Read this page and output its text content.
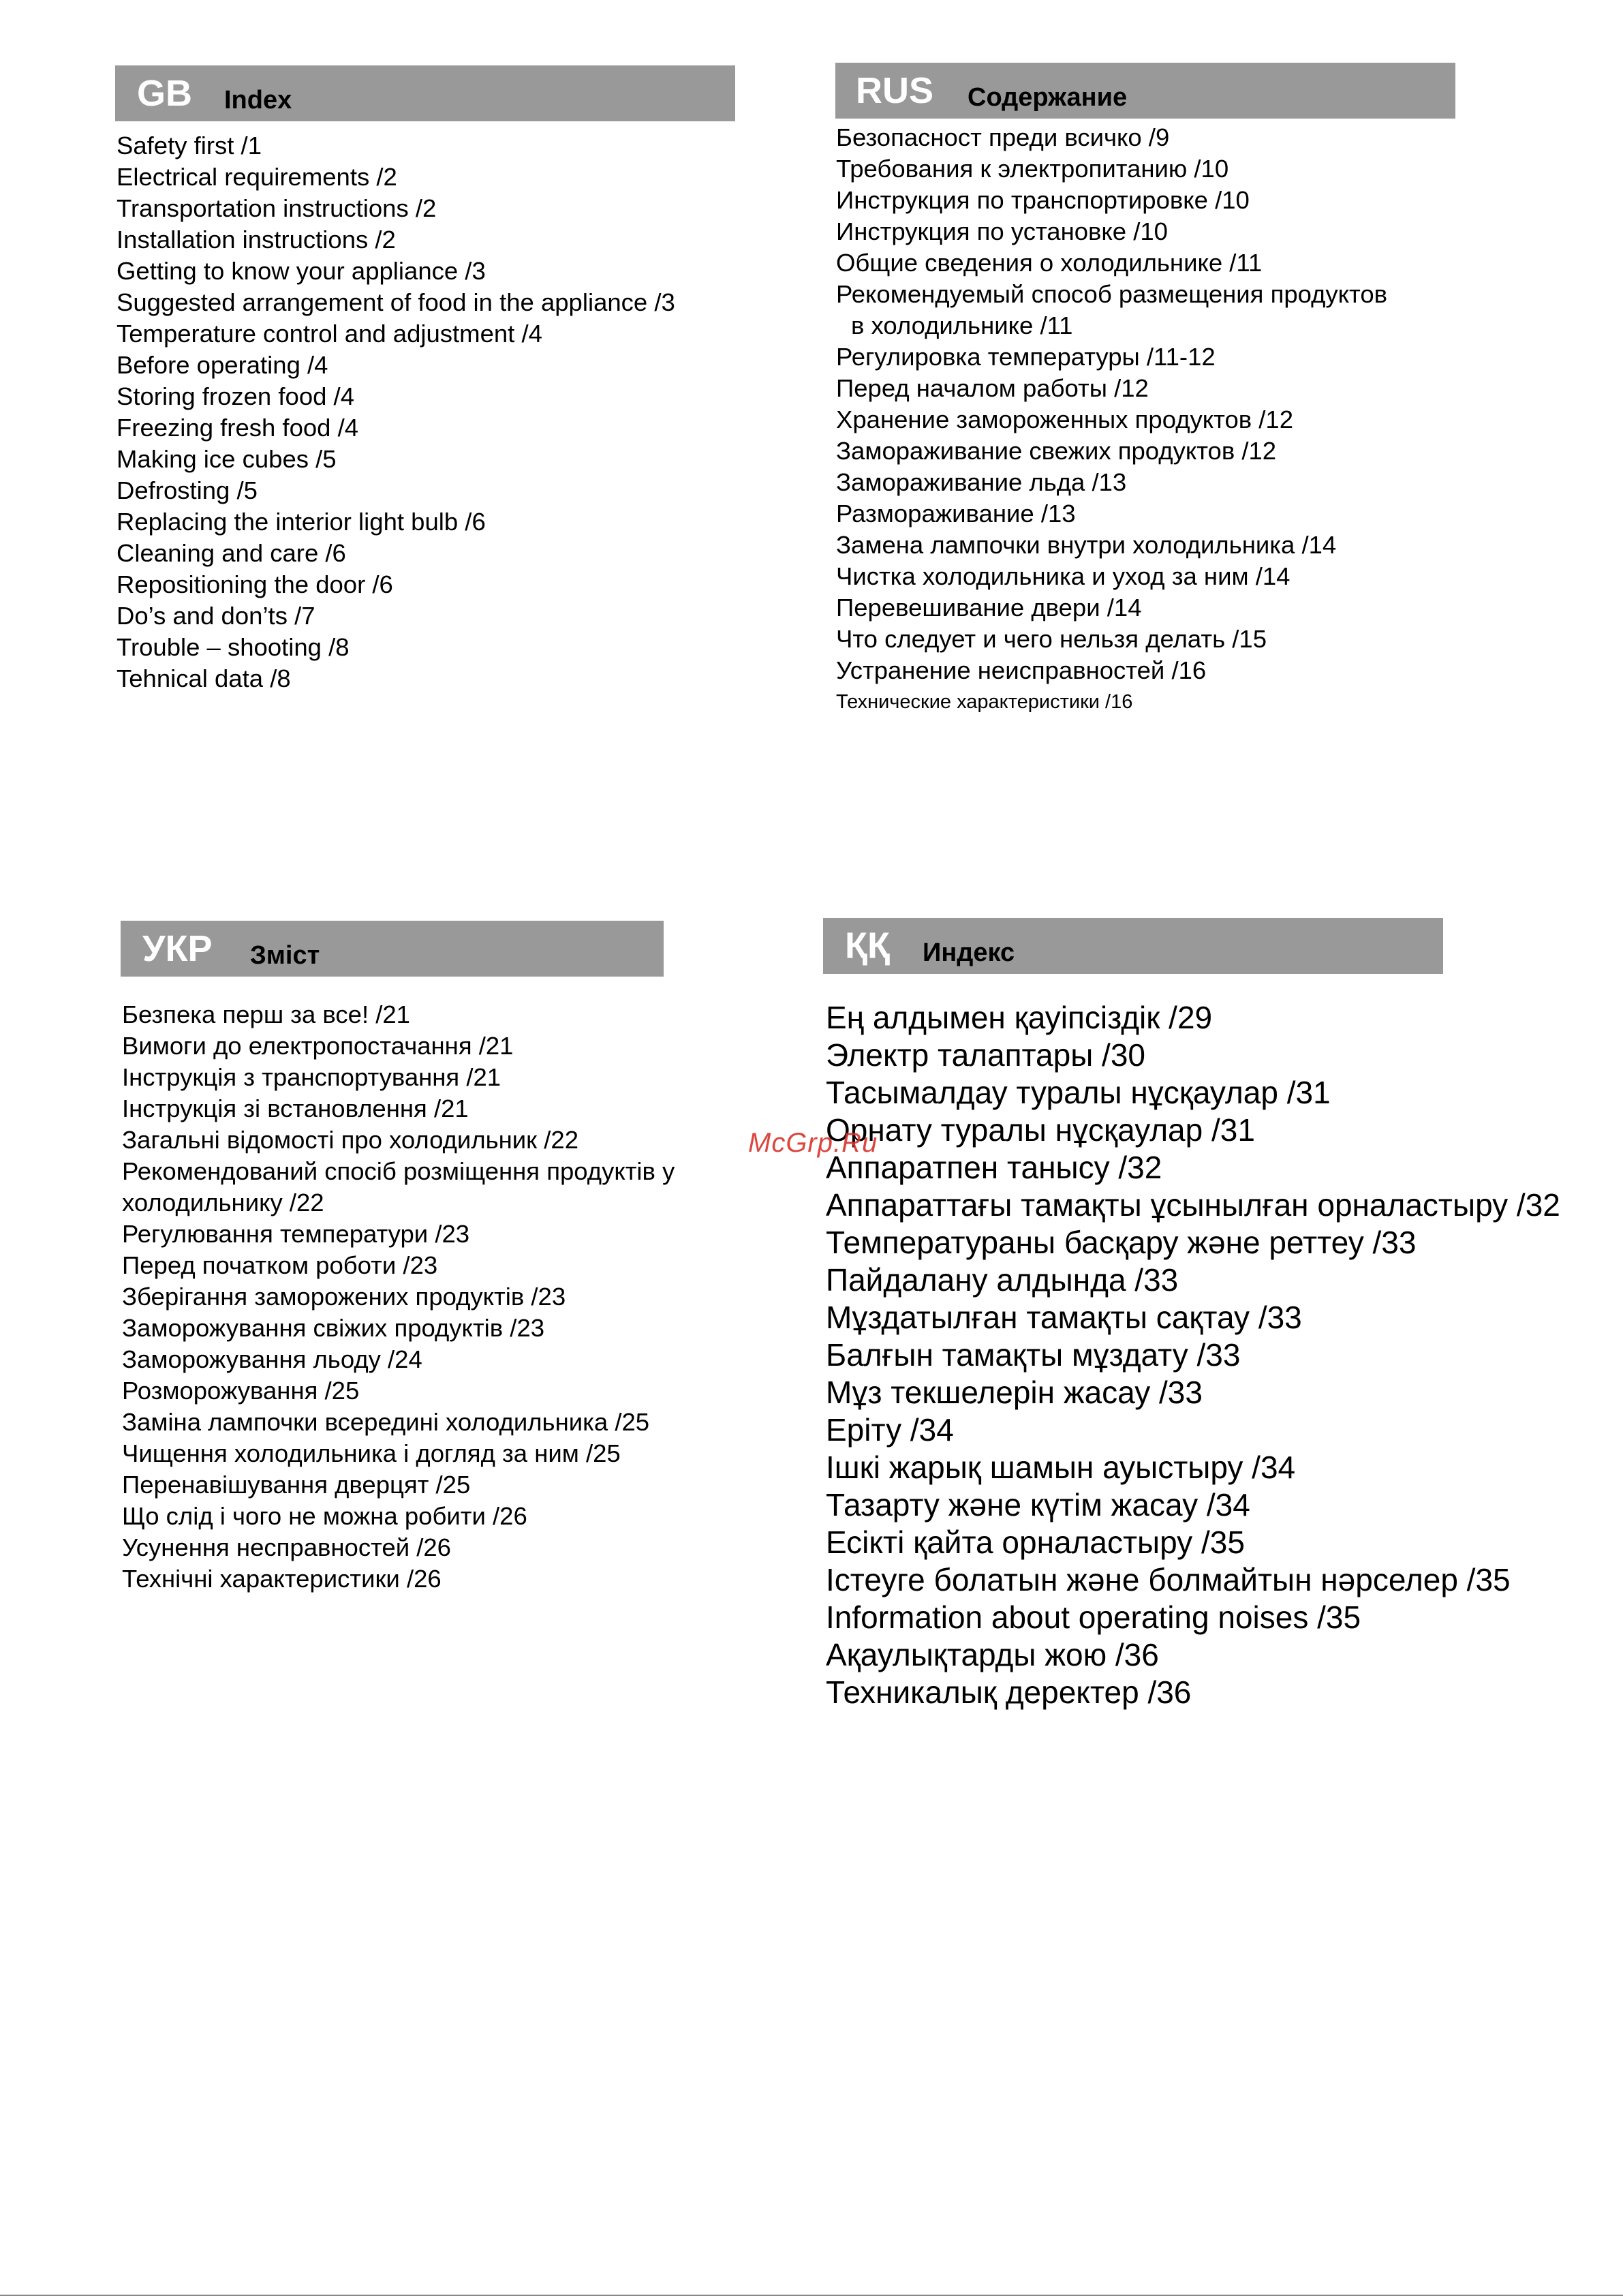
GB Index
Safety first /1
Electrical requirements /2
Transportation instructions /2
Installation instructions /2
Getting to know your appliance /3
Suggested arrangement of food in the appliance /3
Temperature control and adjustment /4
Before operating /4
Storing frozen food /4
Freezing fresh food /4
Making ice cubes /5
Defrosting /5
Replacing the interior light bulb /6
Cleaning and care /6
Repositioning the door /6
Do’s and don’ts /7
Trouble – shooting /8
Tehnical data /8
RUS Содержание
Безопасност преди всичко /9
Требования к электропитанию /10
Инструкция по транспортировке /10
Инструкция по установке /10
Общие сведения о холодильнике /11
Рекомендуемый способ размещения продуктов
в холодильнике /11
Регулировка температуры /11-12
Перед началом работы /12
Хранение замороженных продуктов /12
Замораживание свежих продуктов /12
Замораживание льда /13
Размораживание /13
Замена лампочки внутри холодильника /14
Чистка холодильника и уход за ним /14
Перевешивание двери /14
Что следует и чего нельзя делать /15
Устранение неисправностей /16
Технические характеристики /16
УКР Зміст
Безпека перш за все! /21
Вимоги до електропостачання /21
Інструкція з транспортування /21
Інструкція зі встановлення /21
Загальні відомості про холодильник /22
Рекомендований спосіб розміщення продуктів у
холодильнику /22
Регулювання температури /23
Перед початком роботи /23
Зберігання заморожених продуктів /23
Заморожування свіжих продуктів /23
Заморожування льоду /24
Розморожування /25
Заміна лампочки всередині холодильника /25
Чищення холодильника і догляд за ним /25
Перенавішування дверцят /25
Що слід і чого не можна робити /26
Усунення несправностей /26
Технічні характеристики /26
ҚҚ Индекс
Ең алдымен қауіпсіздік /29
Электр талаптары /30
Тасымалдау туралы нұсқаулар /31
Орнату туралы нұсқаулар /31
Аппаратпен танысу /32
Аппараттағы тамақты ұсынылған орналастыру /32
Температураны басқару және реттеу /33
Пайдалану алдында /33
Мұздатылған тамақты сақтау /33
Балғын тамақты мұздату /33
Мұз текшелерін жасау /33
Еріту /34
Ішкі жарық шамын ауыстыру /34
Тазарту және күтім жасау /34
Есікті қайта орналастыру /35
Істеуге болатын және болмайтын нәрселер /35
Information about operating noises /35
Ақаулықтарды жою /36
Техникалық деректер /36
McGrp.Ru
